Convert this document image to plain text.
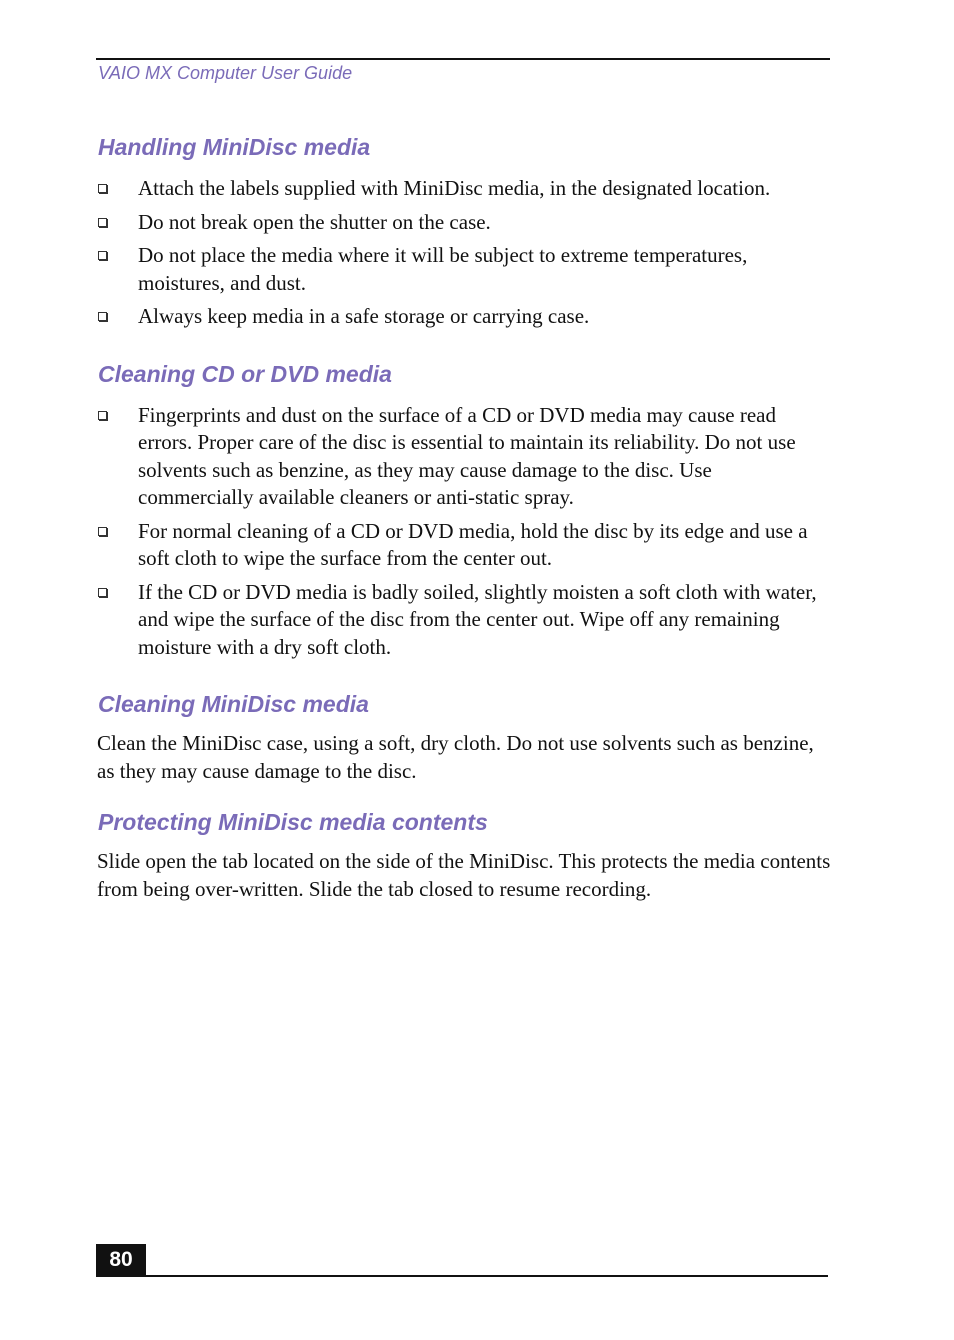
VAIO MX Computer User Guide
Handling MiniDisc media
Attach the labels supplied with MiniDisc media, in the designated location.
Do not break open the shutter on the case.
Do not place the media where it will be subject to extreme temperatures, moistures, and dust.
Always keep media in a safe storage or carrying case.
Cleaning CD or DVD media
Fingerprints and dust on the surface of a CD or DVD media may cause read errors. Proper care of the disc is essential to maintain its reliability. Do not use solvents such as benzine, as they may cause damage to the disc. Use commercially available cleaners or anti-static spray.
For normal cleaning of a CD or DVD media, hold the disc by its edge and use a soft cloth to wipe the surface from the center out.
If the CD or DVD media is badly soiled, slightly moisten a soft cloth with water, and wipe the surface of the disc from the center out. Wipe off any remaining moisture with a dry soft cloth.
Cleaning MiniDisc media

Clean the MiniDisc case, using a soft, dry cloth. Do not use solvents such as benzine, as they may cause damage to the disc.

Protecting MiniDisc media contents

Slide open the tab located on the side of the MiniDisc. This protects the media contents from being over-written. Slide the tab closed to resume recording.

80
